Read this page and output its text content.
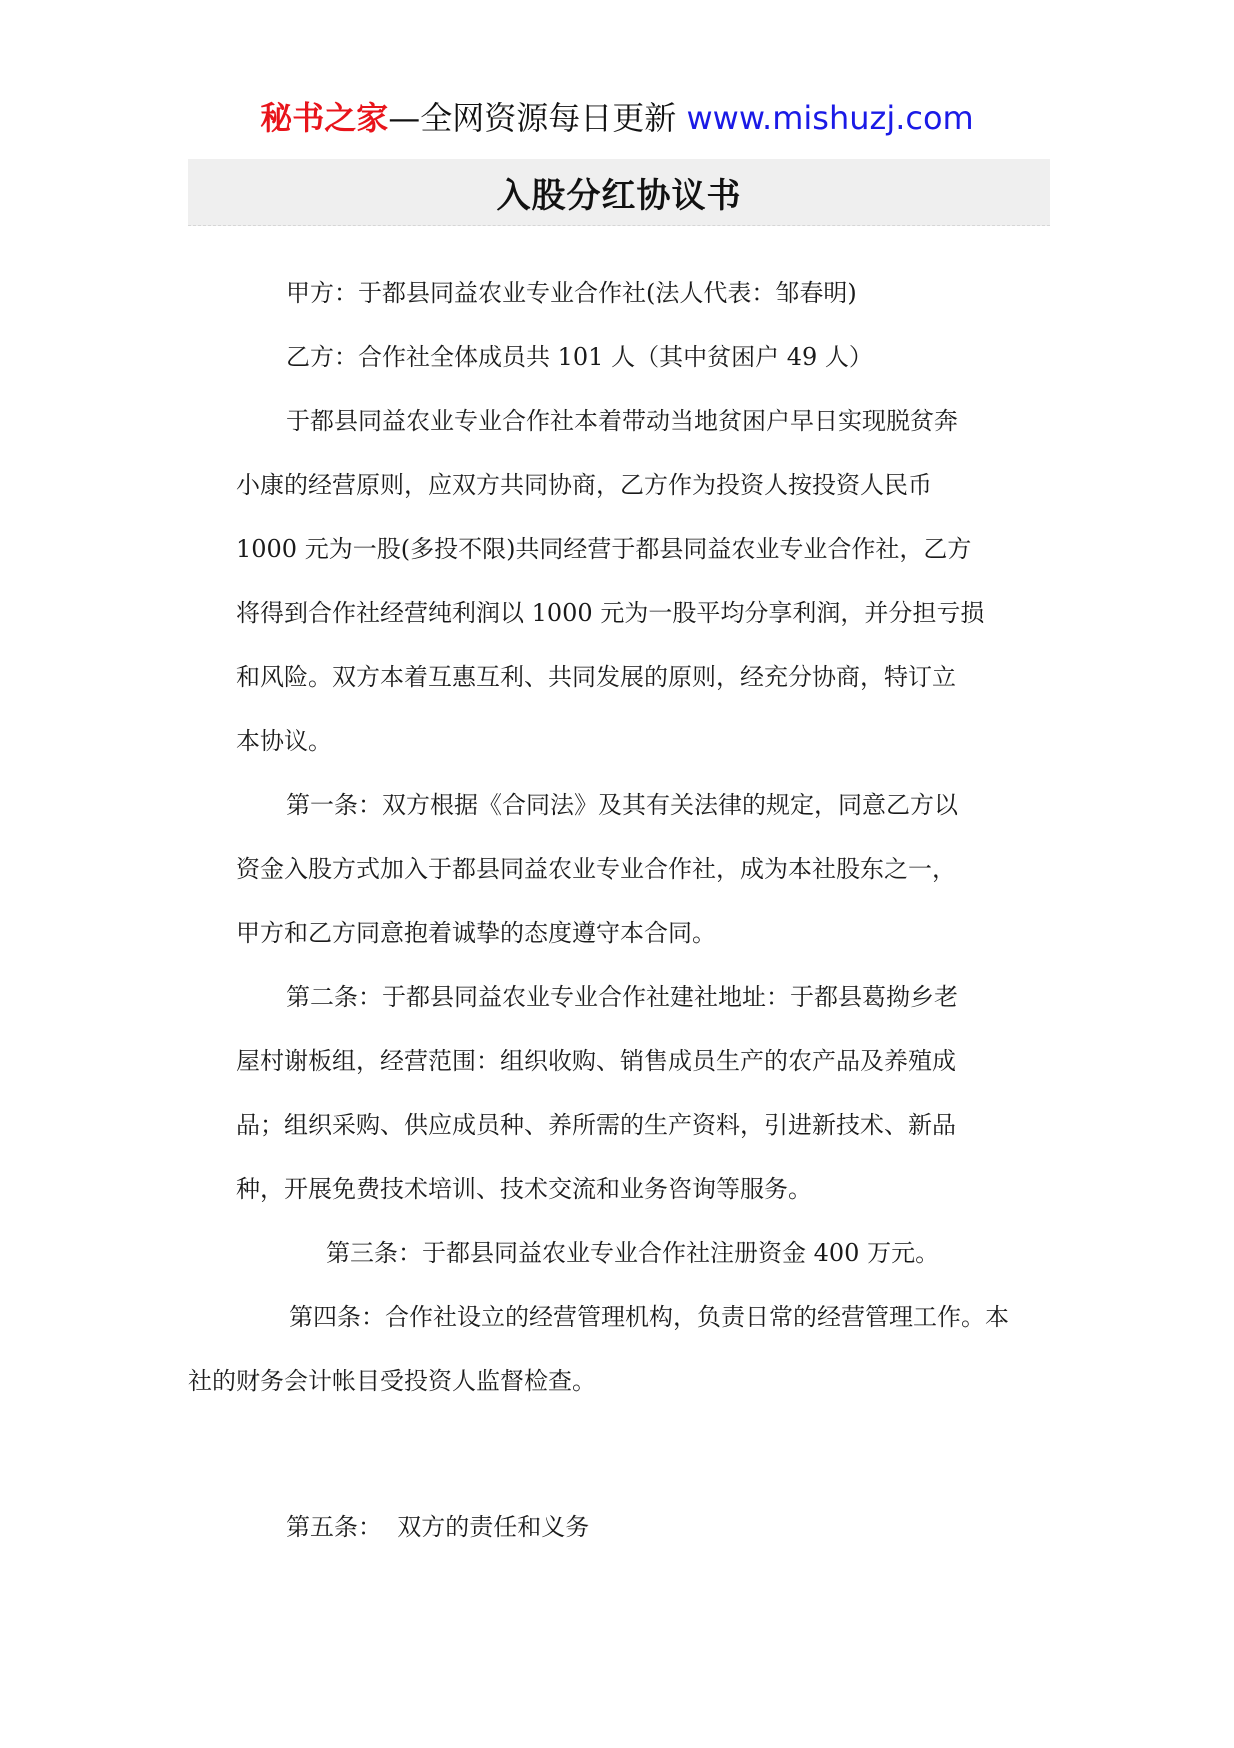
秘书之家—全网资源每日更新 www.mishuzj.com
入股分红协议书
甲方：于都县同益农业专业合作社(法人代表：邹春明)
乙方：合作社全体成员共 101 人（其中贫困户 49 人）
于都县同益农业专业合作社本着带动当地贫困户早日实现脱贫奔
小康的经营原则，应双方共同协商，乙方作为投资人按投资人民币
1000 元为一股(多投不限)共同经营于都县同益农业专业合作社，乙方
将得到合作社经营纯利润以 1000 元为一股平均分享利润，并分担亏损
和风险。双方本着互惠互利、共同发展的原则，经充分协商，特订立
本协议。
第一条：双方根据《合同法》及其有关法律的规定，同意乙方以
资金入股方式加入于都县同益农业专业合作社，成为本社股东之一，
甲方和乙方同意抱着诚挚的态度遵守本合同。
第二条：于都县同益农业专业合作社建社地址：于都县葛拗乡老
屋村谢板组，经营范围：组织收购、销售成员生产的农产品及养殖成
品；组织采购、供应成员种、养所需的生产资料，引进新技术、新品
种，开展免费技术培训、技术交流和业务咨询等服务。
第三条：于都县同益农业专业合作社注册资金 400 万元。
第四条：合作社设立的经营管理机构，负责日常的经营管理工作。本
社的财务会计帐目受投资人监督检查。
第五条：  双方的责任和义务
